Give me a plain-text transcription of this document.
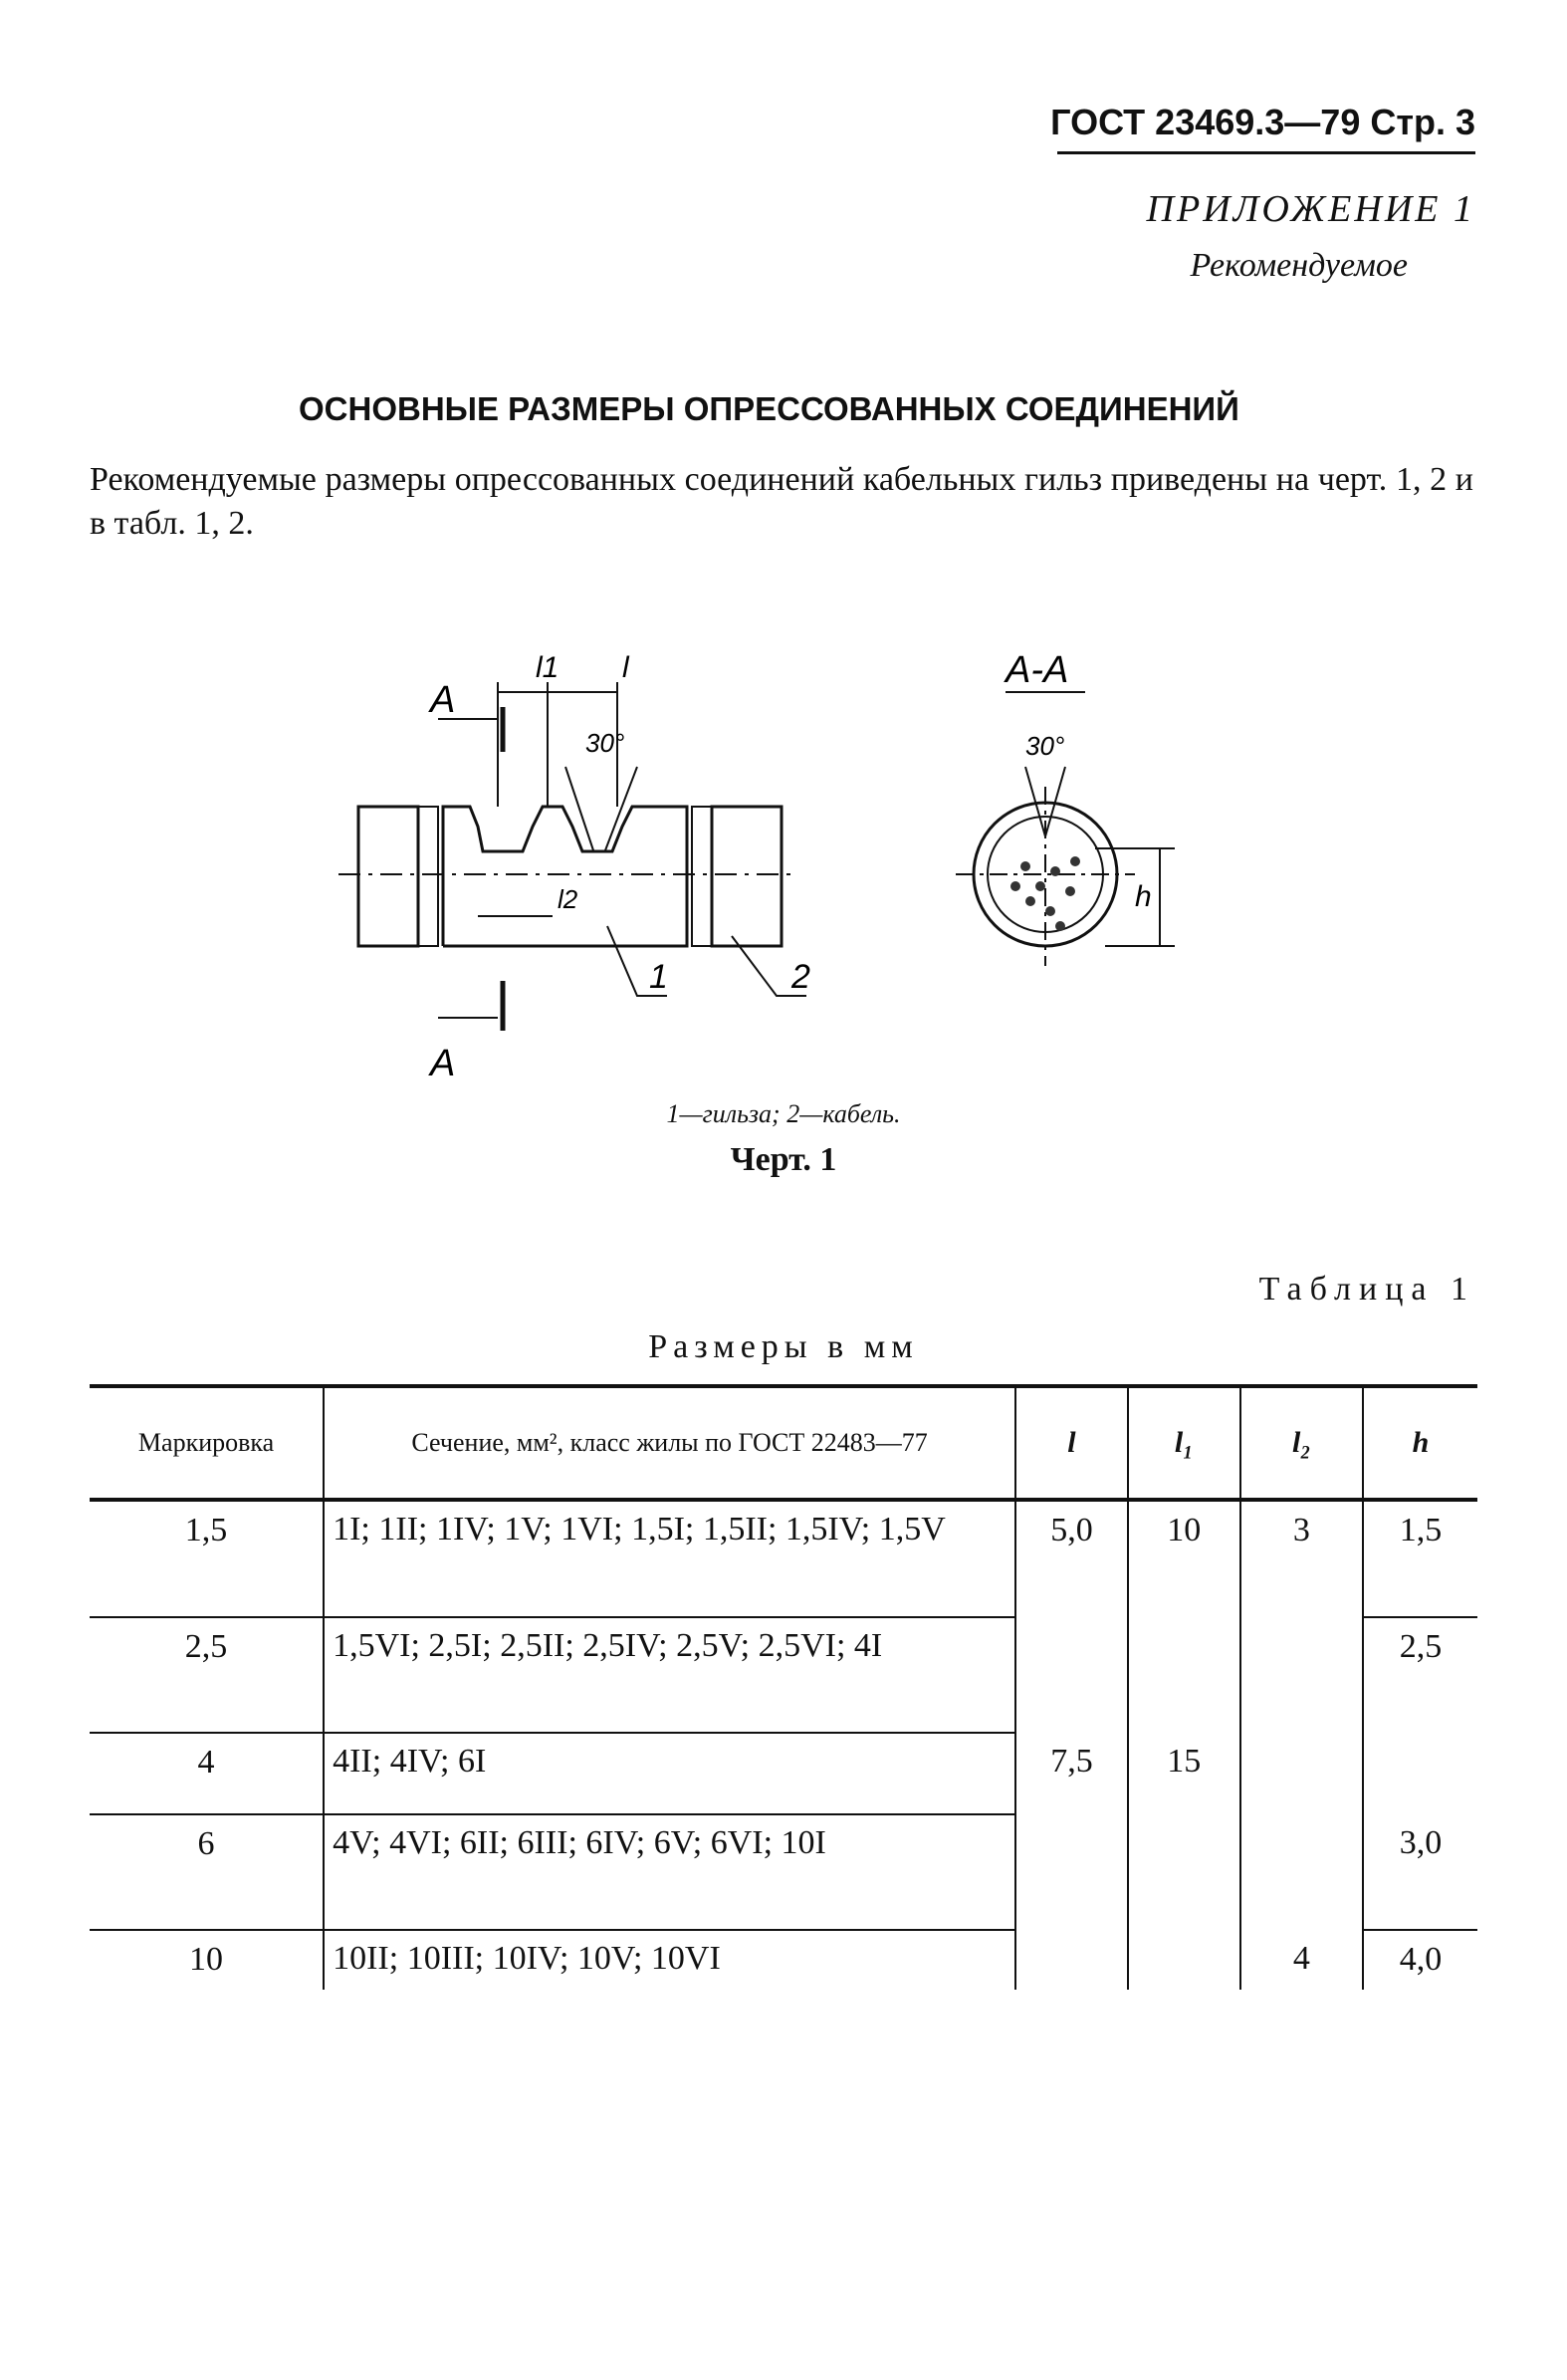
ГОСТ 23469.3—79 Стр. 3
ПРИЛОЖЕНИЕ 1
Рекомендуемое
ОСНОВНЫЕ РАЗМЕРЫ ОПРЕССОВАННЫХ СОЕДИНЕНИЙ
Рекомендуемые размеры опрессованных соединений кабельных гильз приведены на черт. 1, 2 и в табл. 1, 2.
l1 l
30°
l2
А
А
1	2
А-А
30°
h
1—гильза; 2—кабель.
Черт. 1
Таблица 1
Размеры в мм
Маркировка	Сечение, мм², класс жилы по ГОСТ 22483—77	l	l₁	l₂	h
1,5	1I; 1II; 1IV; 1V; 1VI; 1,5I; 1,5II; 1,5IV; 1,5V	5,0	10	3	1,5
2,5	1,5VI; 2,5I; 2,5II; 2,5IV; 2,5V; 2,5VI; 4I				2,5
4	4II; 4IV; 6I	7,5	15		
6	4V; 4VI; 6II; 6III; 6IV; 6V; 6VI; 10I				3,0
10	10II; 10III; 10IV; 10V; 10VI			4	4,0
